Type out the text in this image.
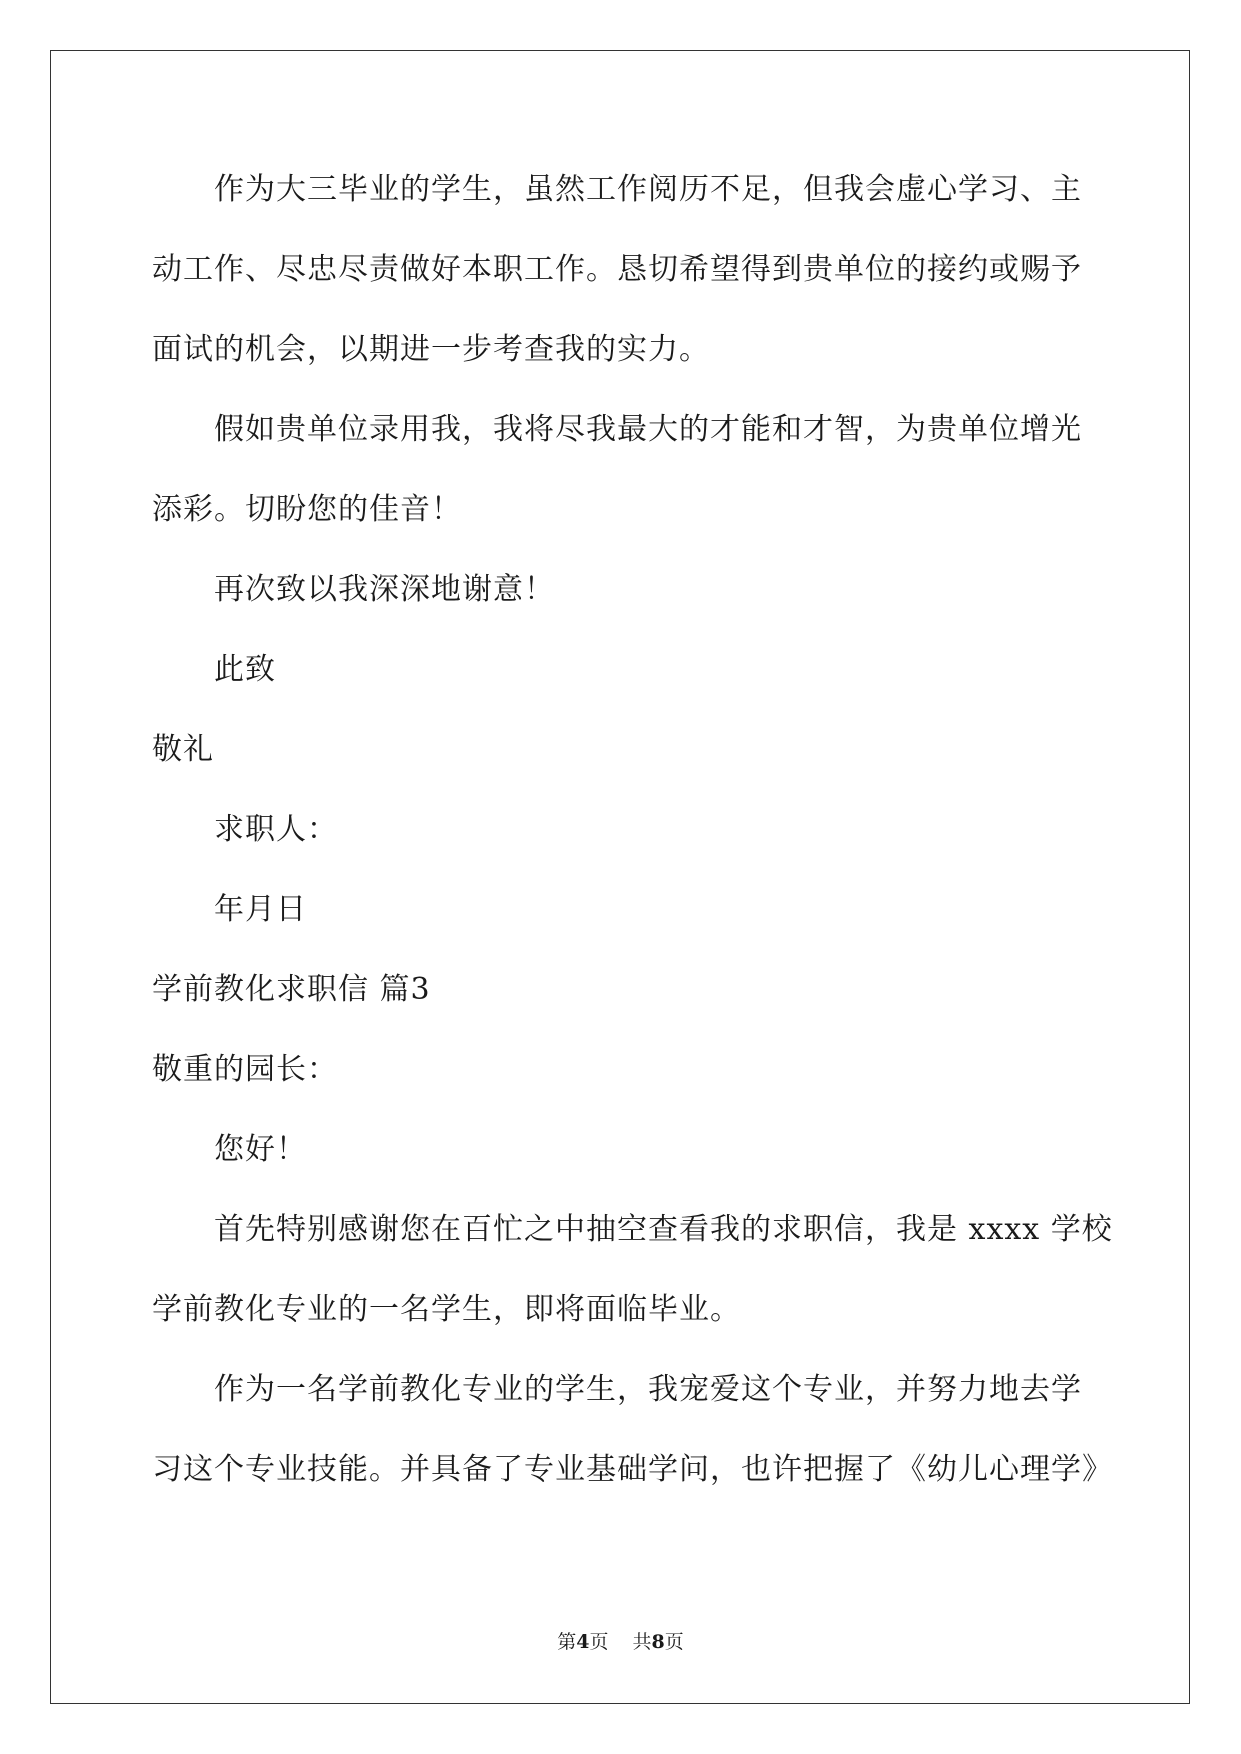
作为大三毕业的学生，虽然工作阅历不足，但我会虚心学习、主
动工作、尽忠尽责做好本职工作。恳切希望得到贵单位的接约或赐予
面试的机会，以期进一步考查我的实力。
假如贵单位录用我，我将尽我最大的才能和才智，为贵单位增光
添彩。切盼您的佳音！
再次致以我深深地谢意！
此致
敬礼
求职人：
年月日
学前教化求职信 篇3
敬重的园长：
您好！
首先特别感谢您在百忙之中抽空查看我的求职信，我是 xxxx 学校
学前教化专业的一名学生，即将面临毕业。
作为一名学前教化专业的学生，我宠爱这个专业，并努力地去学
习这个专业技能。并具备了专业基础学问，也许把握了《幼儿心理学》
第4页 共8页
